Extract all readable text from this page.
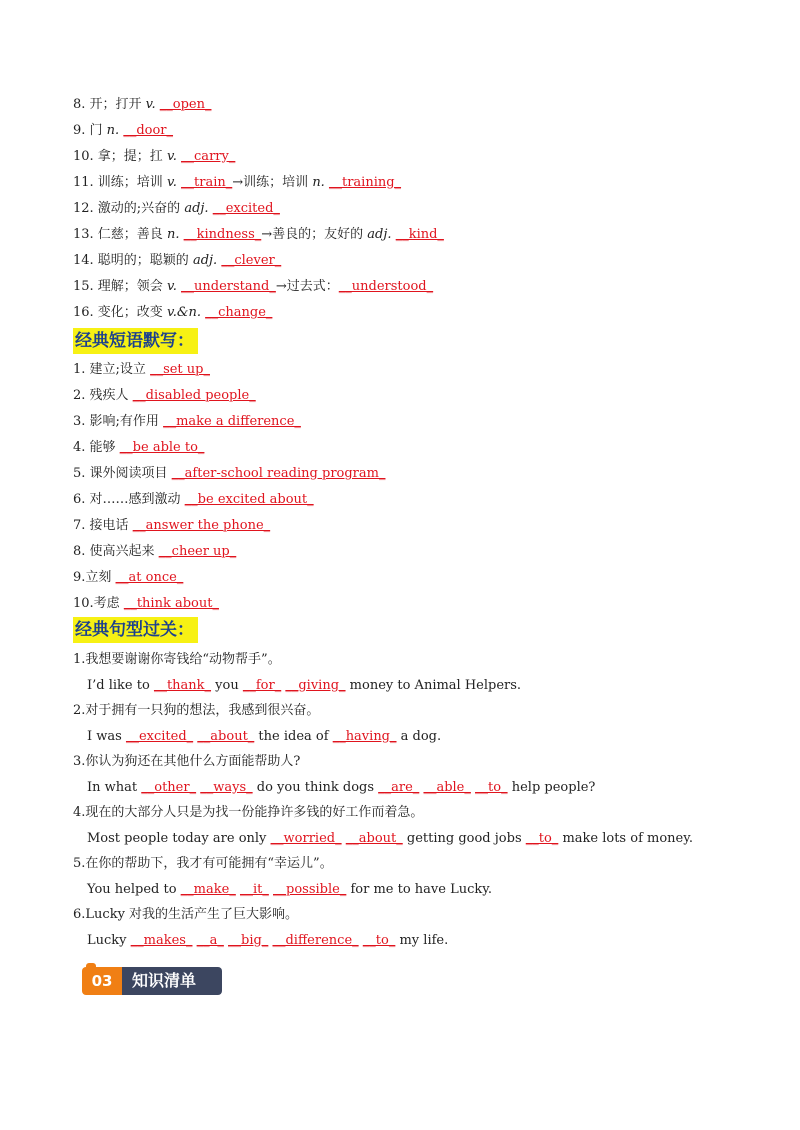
8. 开；打开 v. __open_
9. 门 n. __door_
10. 拿；提；扛 v. __carry_
11. 训练；培训 v. __train_→训练；培训 n. __training_
12. 激动的;兴奋的 adj. __excited_
13. 仁慈；善良 n. __kindness_→善良的；友好的 adj. __kind_
14. 聪明的；聪颖的 adj. __clever_
15. 理解；领会 v. __understand_→过去式：__understood_
16. 变化；改变 v.&n. __change_
经典短语默写：
1. 建立;设立 __set up_
2. 残疾人 __disabled people_
3. 影响;有作用 __make a difference_
4. 能够 __be able to_
5. 课外阅读项目 __after-school reading program_
6. 对……感到激动 __be excited about_
7. 接电话 __answer the phone_
8. 使高兴起来 __cheer up_
9.立刻 __at once_
10.考虑 __think about_
经典句型过关：
1.我想要谢谢你寄钱给“动物帮手”。
I’d like to __thank_ you __for_ __giving_ money to Animal Helpers.
2.对于拥有一只狗的想法，我感到很兴奋。
I was __excited_ __about_ the idea of __having_ a dog.
3.你认为狗还在其他什么方面能帮助人?
In what __other_ __ways_ do you think dogs __are_ __able_ __to_ help people?
4.现在的大部分人只是为找一份能挣许多钱的好工作而着急。
Most people today are only __worried_ __about_ getting good jobs __to_ make lots of money.
5.在你的帮助下，我才有可能拥有“幸运儿”。
You helped to __make_ __it_ __possible_ for me to have Lucky.
6.Lucky 对我的生活产生了巨大影响。
Lucky __makes_ __a_ __big_ __difference_ __to_ my life.
03	知识清单
